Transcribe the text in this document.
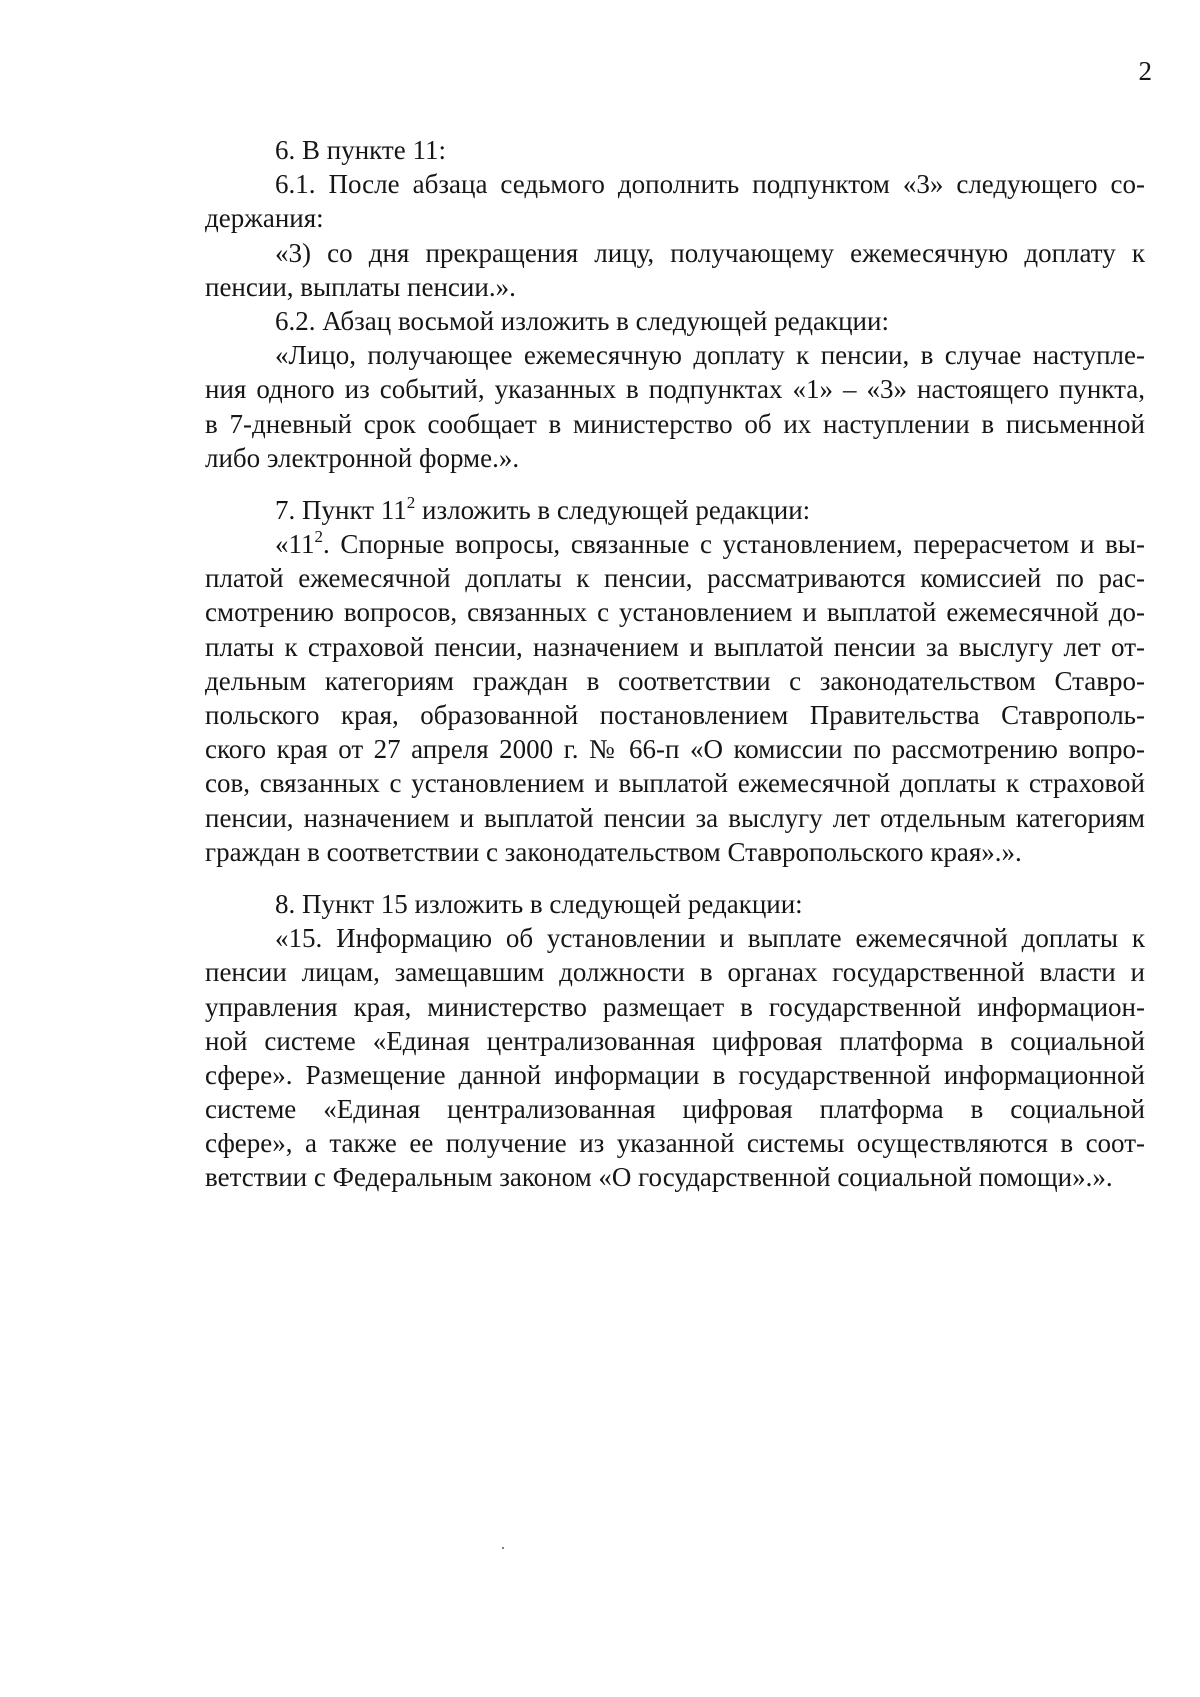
2
6. В пункте 11:
6.1. После абзаца седьмого дополнить подпунктом «3» следующего со-
держания:
«3) со дня прекращения лицу, получающему ежемесячную доплату к
пенсии, выплаты пенсии.».
6.2. Абзац восьмой изложить в следующей редакции:
«Лицо, получающее ежемесячную доплату к пенсии, в случае наступле-
ния одного из событий, указанных в подпунктах «1» – «3» настоящего пункта,
в 7-дневный срок сообщает в министерство об их наступлении в письменной
либо электронной форме.».
7. Пункт $11^2$ изложить в следующей редакции:
«$11^2$. Спорные вопросы, связанные с установлением, перерасчетом и вы-
платой ежемесячной доплаты к пенсии, рассматриваются комиссией по рас-
смотрению вопросов, связанных с установлением и выплатой ежемесячной до-
платы к страховой пенсии, назначением и выплатой пенсии за выслугу лет от-
дельным категориям граждан в соответствии с законодательством Ставро-
польского края, образованной постановлением Правительства Ставрополь-
ского края от 27 апреля 2000 г. № 66-п «О комиссии по рассмотрению вопро-
сов, связанных с установлением и выплатой ежемесячной доплаты к страховой
пенсии, назначением и выплатой пенсии за выслугу лет отдельным категориям
граждан в соответствии с законодательством Ставропольского края».».
8. Пункт 15 изложить в следующей редакции:
«15. Информацию об установлении и выплате ежемесячной доплаты к
пенсии лицам, замещавшим должности в органах государственной власти и
управления края, министерство размещает в государственной информацион-
ной системе «Единая централизованная цифровая платформа в социальной
сфере». Размещение данной информации в государственной информационной
системе «Единая централизованная цифровая платформа в социальной
сфере», а также ее получение из указанной системы осуществляются в соот-
ветствии с Федеральным законом «О государственной социальной помощи».».
